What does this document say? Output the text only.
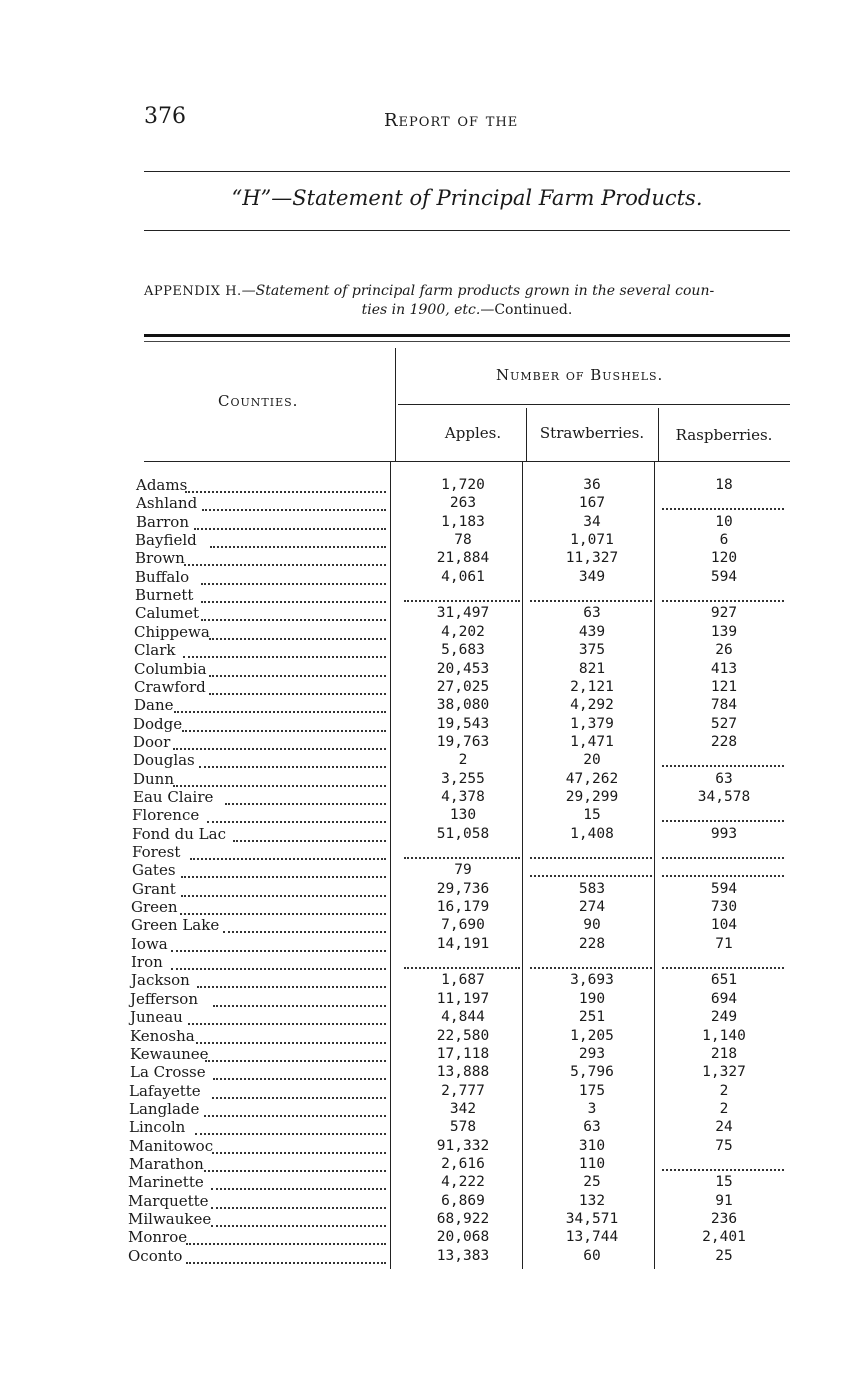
376	Report of the
“H”—Statement of Principal Farm Products.
APPENDIX H.—Statement of principal farm products grown in the several coun-
ties in 1900, etc.—Continued.
Counties.
Number of Bushels.
Apples.	Strawberries.	Raspberries.
Adams	1,720	36	18
Ashland	263	167
Barron	1,183	34	10
Bayfield	78	1,071	6
Brown	21,884	11,327	120
Buffalo	4,061	349	594
Burnett
Calumet	31,497	63	927
Chippewa	4,202	439	139
Clark	5,683	375	26
Columbia	20,453	821	413
Crawford	27,025	2,121	121
Dane	38,080	4,292	784
Dodge	19,543	1,379	527
Door	19,763	1,471	228
Douglas	2	20
Dunn	3,255	47,262	63
Eau Claire	4,378	29,299	34,578
Florence	130	15
Fond du Lac	51,058	1,408	993
Forest
Gates	79
Grant	29,736	583	594
Green	16,179	274	730
Green Lake	7,690	90	104
Iowa	14,191	228	71
Iron
Jackson	1,687	3,693	651
Jefferson	11,197	190	694
Juneau	4,844	251	249
Kenosha	22,580	1,205	1,140
Kewaunee	17,118	293	218
La Crosse	13,888	5,796	1,327
Lafayette	2,777	175	2
Langlade	342	3	2
Lincoln	578	63	24
Manitowoc	91,332	310	75
Marathon	2,616	110
Marinette	4,222	25	15
Marquette	6,869	132	91
Milwaukee	68,922	34,571	236
Monroe	20,068	13,744	2,401
Oconto	13,383	60	25
